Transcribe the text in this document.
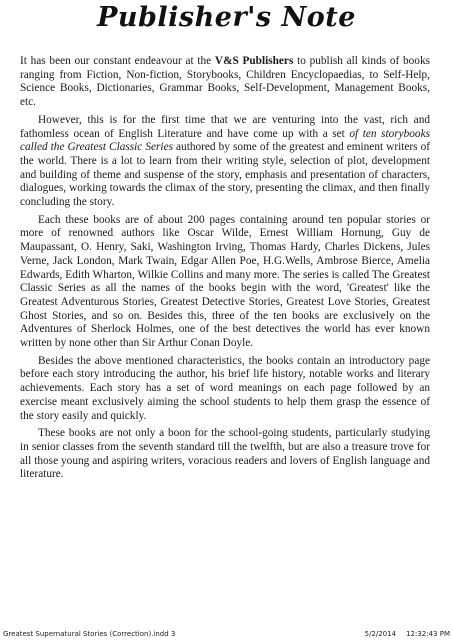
Publisher's Note

It has been our constant endeavour at the V&S Publishers to publish all kinds of books ranging from Fiction, Non-fiction, Storybooks, Children Encyclopaedias, to Self-Help, Science Books, Dictionaries, Grammar Books, Self-Development, Management Books, etc.

However, this is for the first time that we are venturing into the vast, rich and fathomless ocean of English Literature and have come up with a set of ten storybooks called the Greatest Classic Series authored by some of the greatest and eminent writers of the world. There is a lot to learn from their writing style, selection of plot, development and building of theme and suspense of the story, emphasis and presentation of characters, dialogues, working towards the climax of the story, presenting the climax, and then finally concluding the story.

Each these books are of about 200 pages containing around ten popular stories or more of renowned authors like Oscar Wilde, Ernest William Hornung, Guy de Maupassant, O. Henry, Saki, Washington Irving, Thomas Hardy, Charles Dickens, Jules Verne, Jack London, Mark Twain, Edgar Allen Poe, H.G.Wells, Ambrose Bierce, Amelia Edwards, Edith Wharton, Wilkie Collins and many more. The series is called The Greatest Classic Series as all the names of the books begin with the word, 'Greatest' like the Greatest Adventurous Stories, Greatest Detective Stories, Greatest Love Stories, Greatest Ghost Stories, and so on. Besides this, three of the ten books are exclusively on the Adventures of Sherlock Holmes, one of the best detectives the world has ever known written by none other than Sir Arthur Conan Doyle.

Besides the above mentioned characteristics, the books contain an introductory page before each story introducing the author, his brief life history, notable works and literary achievements. Each story has a set of word meanings on each page followed by an exercise meant exclusively aiming the school students to help them grasp the essence of the story easily and quickly.

These books are not only a boon for the school-going students, particularly studying in senior classes from the seventh standard till the twelfth, but are also a treasure trove for all those young and aspiring writers, voracious readers and lovers of English language and literature.

Greatest Supernatural Stories (Correction).indd 3	5/2/2014 12:32:43 PM
